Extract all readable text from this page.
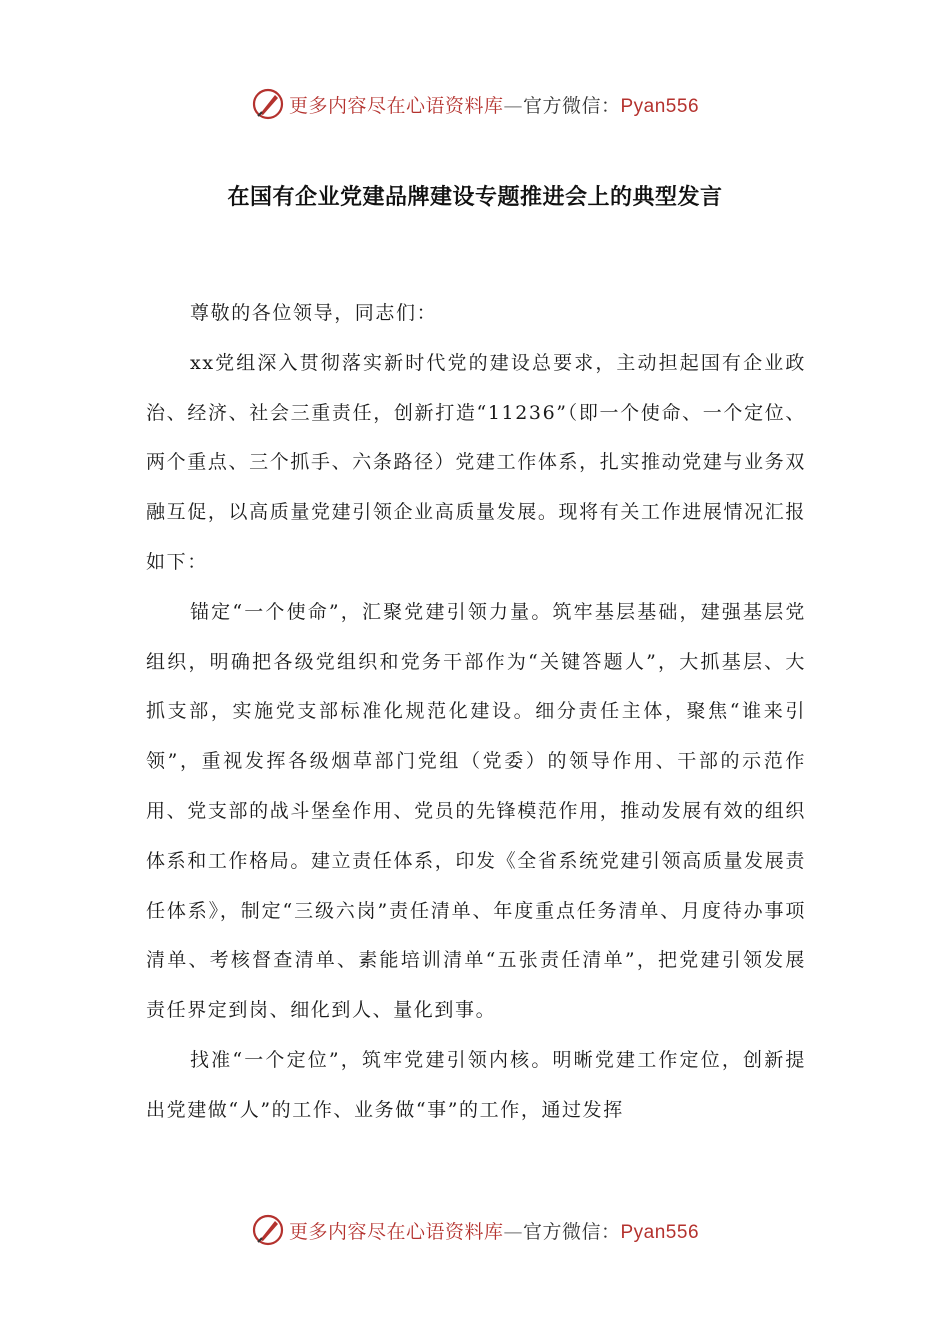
更多内容尽在心语资料库—官方微信：Pyan556
在国有企业党建品牌建设专题推进会上的典型发言

尊敬的各位领导，同志们：

xx党组深入贯彻落实新时代党的建设总要求，主动担起国有企业政治、经济、社会三重责任，创新打造“11236”（即一个使命、一个定位、两个重点、三个抓手、六条路径）党建工作体系，扎实推动党建与业务双融互促，以高质量党建引领企业高质量发展。现将有关工作进展情况汇报如下：

锚定“一个使命”，汇聚党建引领力量。筑牢基层基础，建强基层党组织，明确把各级党组织和党务干部作为“关键答题人”，大抓基层、大抓支部，实施党支部标准化规范化建设。细分责任主体，聚焦“谁来引领”，重视发挥各级烟草部门党组（党委）的领导作用、干部的示范作用、党支部的战斗堡垒作用、党员的先锋模范作用，推动发展有效的组织体系和工作格局。建立责任体系，印发《全省系统党建引领高质量发展责任体系》，制定“三级六岗”责任清单、年度重点任务清单、月度待办事项清单、考核督查清单、素能培训清单“五张责任清单”，把党建引领发展责任界定到岗、细化到人、量化到事。

找准“一个定位”，筑牢党建引领内核。明晰党建工作定位，创新提出党建做“人”的工作、业务做“事”的工作，通过发挥

更多内容尽在心语资料库—官方微信：Pyan556
